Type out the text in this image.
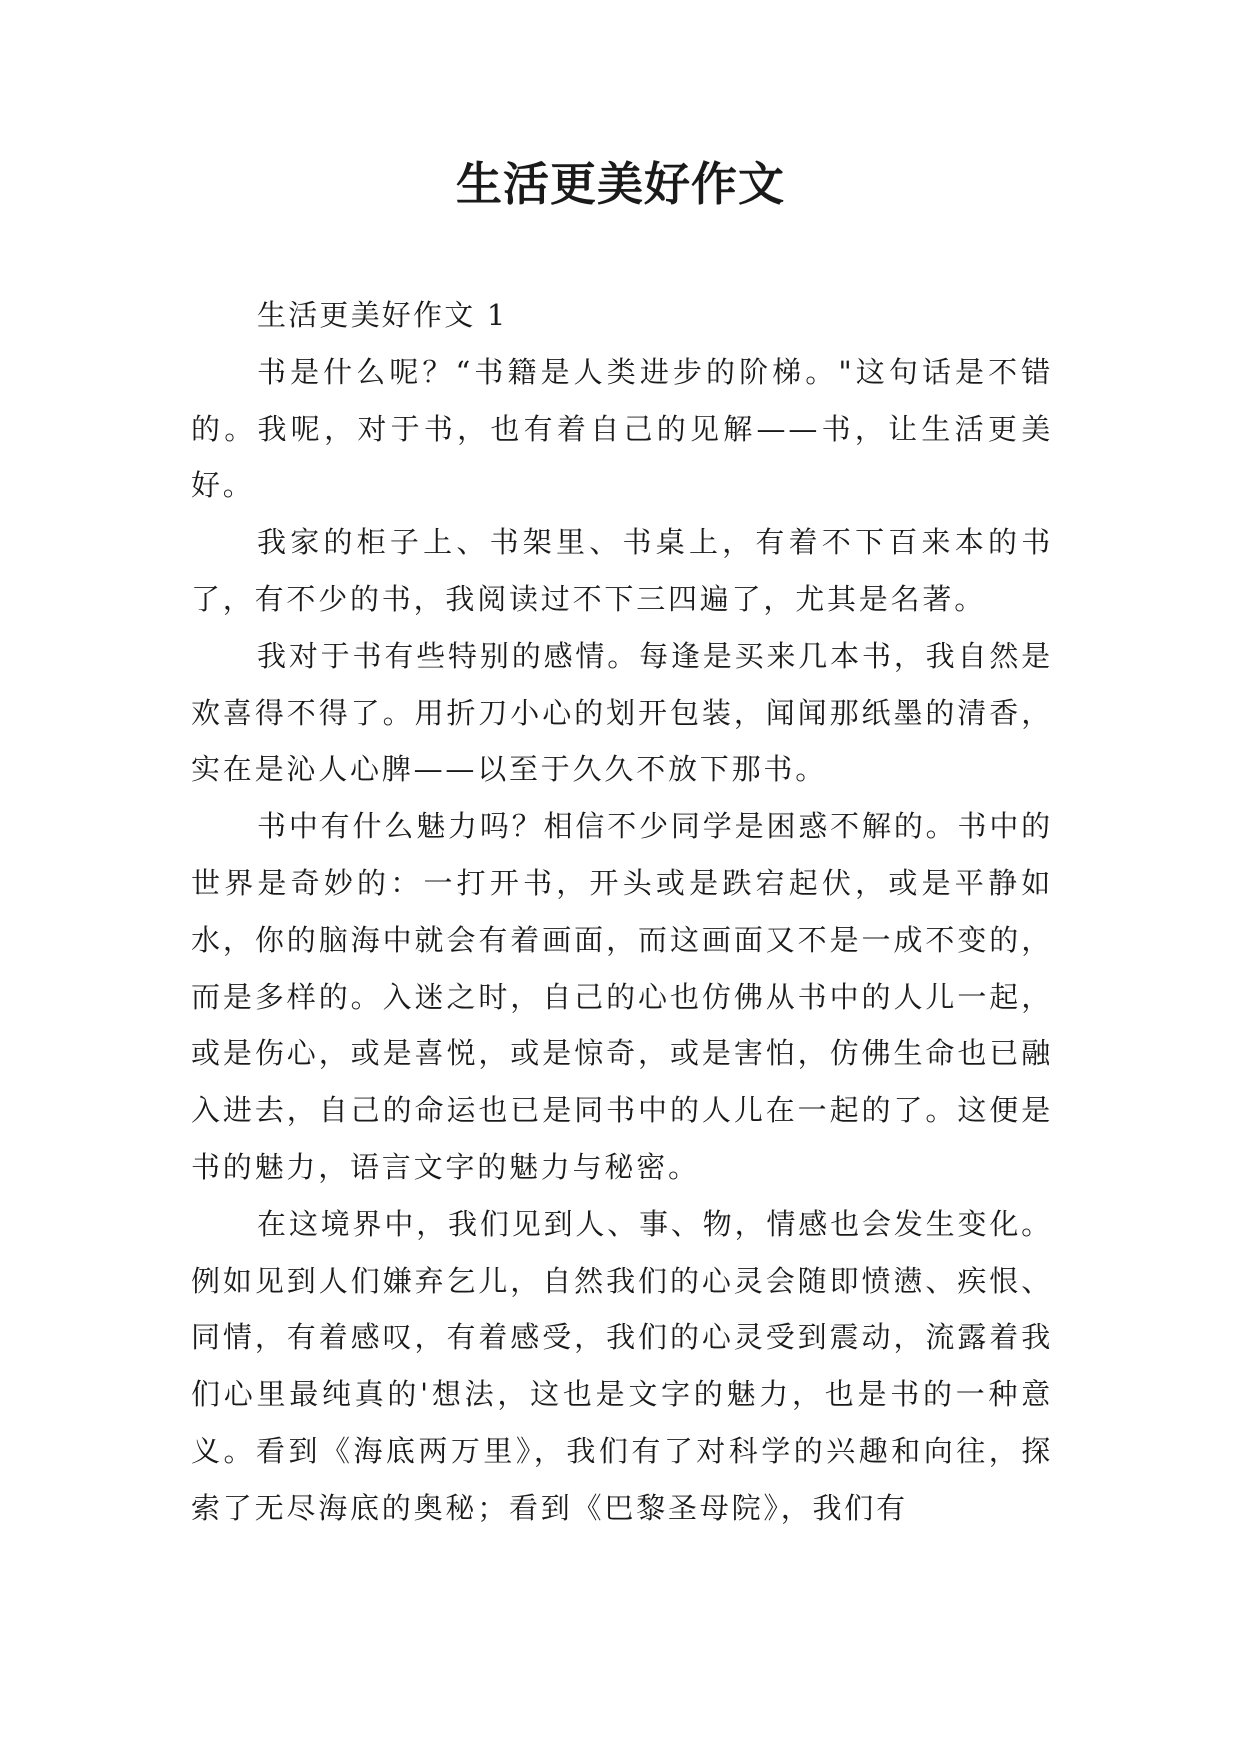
生活更美好作文

生活更美好作文 1

书是什么呢？“书籍是人类进步的阶梯。"这句话是不错的。我呢，对于书，也有着自己的见解——书，让生活更美好。

我家的柜子上、书架里、书桌上，有着不下百来本的书了，有不少的书，我阅读过不下三四遍了，尤其是名著。

我对于书有些特别的感情。每逢是买来几本书，我自然是欢喜得不得了。用折刀小心的划开包装，闻闻那纸墨的清香，实在是沁人心脾——以至于久久不放下那书。

书中有什么魅力吗？相信不少同学是困惑不解的。书中的世界是奇妙的：一打开书，开头或是跌宕起伏，或是平静如水，你的脑海中就会有着画面，而这画面又不是一成不变的，而是多样的。入迷之时，自己的心也仿佛从书中的人儿一起，或是伤心，或是喜悦，或是惊奇，或是害怕，仿佛生命也已融入进去，自己的命运也已是同书中的人儿在一起的了。这便是书的魅力，语言文字的魅力与秘密。

在这境界中，我们见到人、事、物，情感也会发生变化。例如见到人们嫌弃乞儿，自然我们的心灵会随即愤懑、疾恨、同情，有着感叹，有着感受，我们的心灵受到震动，流露着我们心里最纯真的'想法，这也是文字的魅力，也是书的一种意义。看到《海底两万里》，我们有了对科学的兴趣和向往，探索了无尽海底的奥秘；看到《巴黎圣母院》，我们有
